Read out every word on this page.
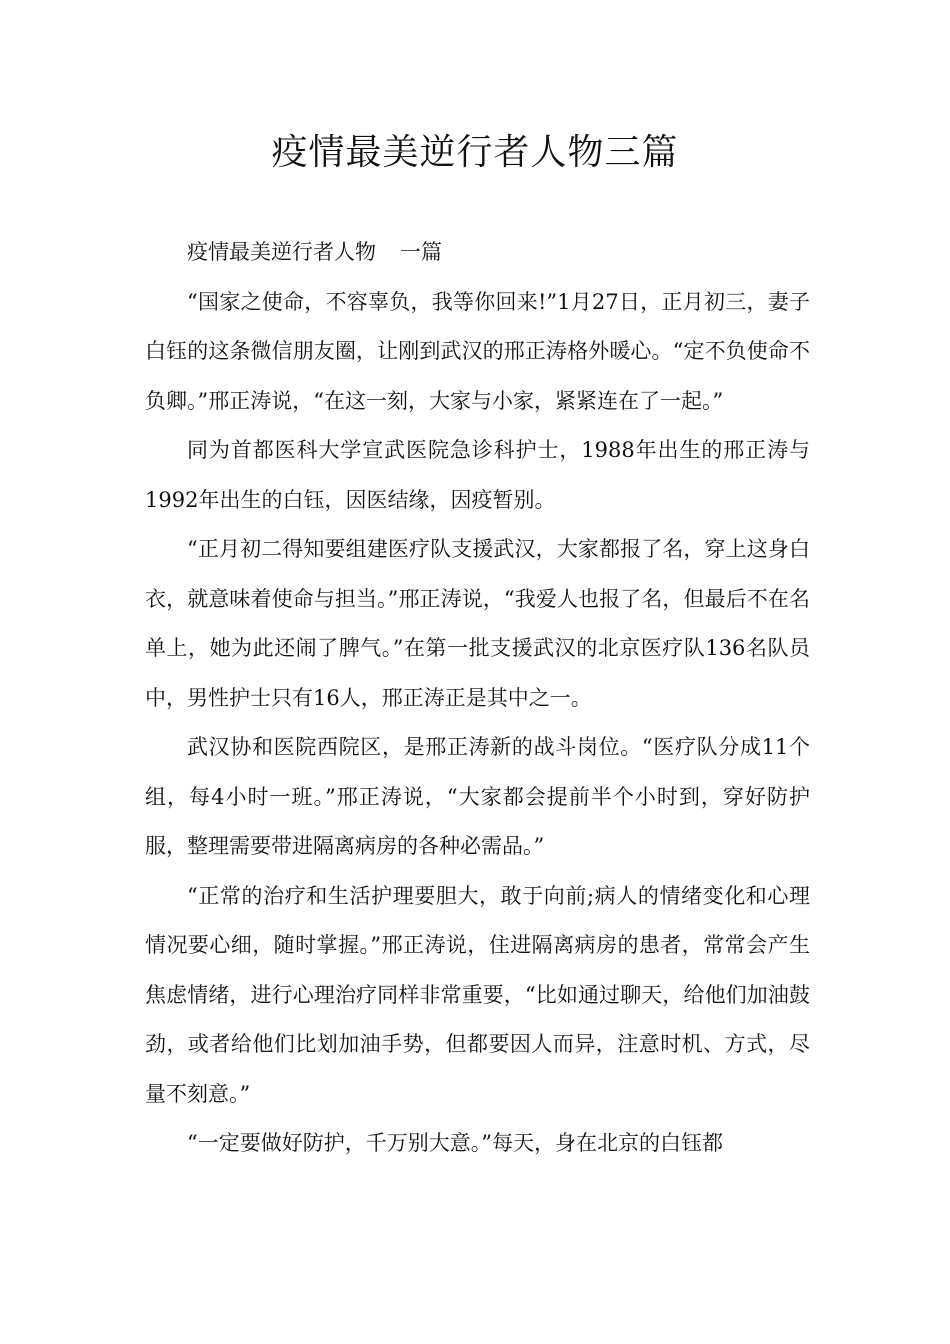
疫情最美逆行者人物三篇

疫情最美逆行者人物 一篇

“国家之使命，不容辜负，我等你回来!”1月27日，正月初三，妻子白钰的这条微信朋友圈，让刚到武汉的邢正涛格外暖心。“定不负使命不负卿。”邢正涛说，“在这一刻，大家与小家，紧紧连在了一起。”

同为首都医科大学宣武医院急诊科护士，1988年出生的邢正涛与1992年出生的白钰，因医结缘，因疫暂别。

“正月初二得知要组建医疗队支援武汉，大家都报了名，穿上这身白衣，就意味着使命与担当。”邢正涛说，“我爱人也报了名，但最后不在名单上，她为此还闹了脾气。”在第一批支援武汉的北京医疗队136名队员中，男性护士只有16人，邢正涛正是其中之一。

武汉协和医院西院区，是邢正涛新的战斗岗位。“医疗队分成11个组，每4小时一班。”邢正涛说，“大家都会提前半个小时到，穿好防护服，整理需要带进隔离病房的各种必需品。”

“正常的治疗和生活护理要胆大，敢于向前;病人的情绪变化和心理情况要心细，随时掌握。”邢正涛说，住进隔离病房的患者，常常会产生焦虑情绪，进行心理治疗同样非常重要，“比如通过聊天，给他们加油鼓劲，或者给他们比划加油手势，但都要因人而异，注意时机、方式，尽量不刻意。”

“一定要做好防护，千万别大意。”每天，身在北京的白钰都
